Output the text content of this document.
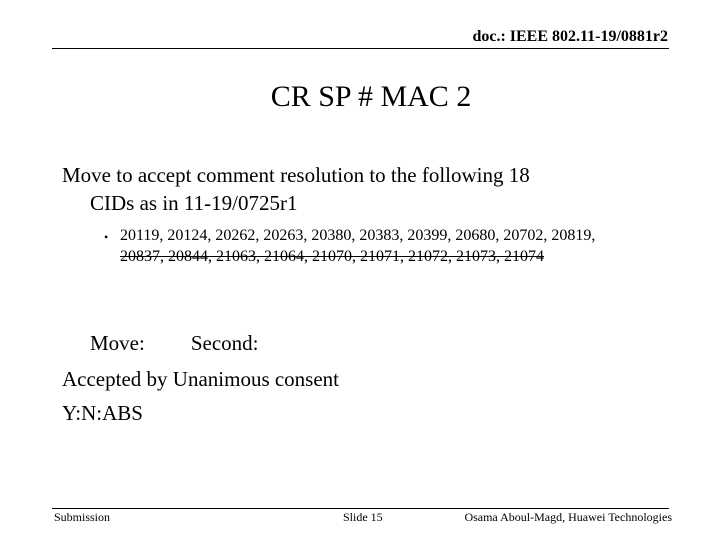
doc.: IEEE 802.11-19/0881r2
CR SP # MAC 2
Move to accept comment resolution to the following 18
CIDs as in 11-19/0725r1
• 20119, 20124, 20262, 20263, 20380, 20383, 20399, 20680, 20702, 20819,
20837, 20844, 21063, 21064, 21070, 21071, 21072, 21073, 21074
Move: Second:
Accepted by Unanimous consent
Y:N:ABS
Submission	Slide 15	Osama Aboul-Magd, Huawei Technologies
